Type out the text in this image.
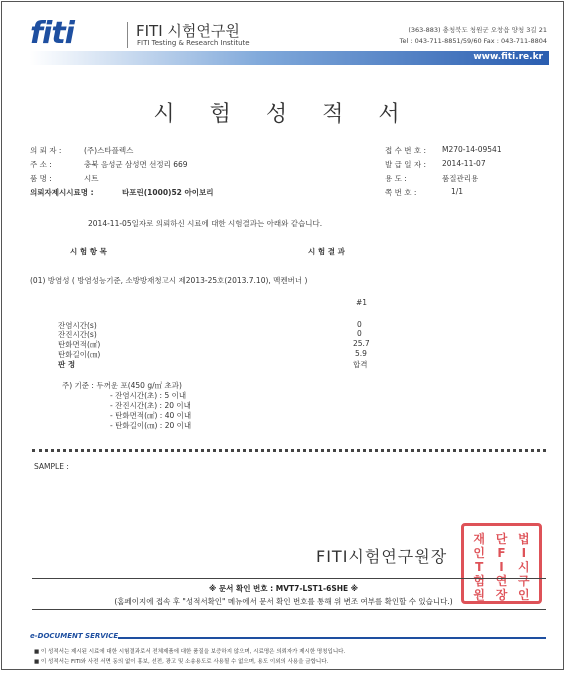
fiti	FITI 시험연구원
FITI Testing & Research Institute
(363-883) 충청북도 청원군 오창읍 양청 3길 21
Tel : 043-711-8851/59/60 Fax : 043-711-8804
www.fiti.re.kr
시 험 성 적 서
의 뢰 자 :	(주)스타플렉스
주 소 :	충북 음성군 삼성면 선정리 669
품 명 :	시트
의뢰자제시시료명 :	타포린(1000)52 아이보리
접 수 번 호 : M270-14-09541
발 급 일 자 : 2014-11-07
용 도 :	품질관리용
쪽 번 호 :	1/1
2014-11-05일자로 의뢰하신 시료에 대한 시험결과는 아래와 같습니다.
시 험 항 목	시 험 결 과
(01) 방염성 ( 방염성능기준, 소방방재청고시 제2013-25호(2013.7.10), 멕켄버너 )
#1
잔염시간(s)	0
잔진시간(s)	0
탄화면적(㎠)	25.7
탄화길이(㎝)	5.9
판 정	합격
주) 기준 : 두꺼운 포(450 g/㎡ 초과)
- 잔염시간(초) : 5 이내
- 잔진시간(초) : 20 이내
- 탄화면적(㎠) : 40 이내
- 탄화길이(㎝) : 20 이내
SAMPLE :
FITI시험연구원장
재 단 법
인	F	I
T	I	시
험 연 구
원 장 인
※ 문서 확인 번호 : MVT7-LST1-6SHE ※
(홈페이지에 접속 후 "성적서확인" 메뉴에서 문서 확인 번호를 통해 위 변조 여부를 확인할 수 있습니다.)
e-DOCUMENT SERVICE
■ 이 성적서는 제시된 시료에 대한 시험결과로서 전체제품에 대한 품질을 보증하지 않으며, 시료명은 의뢰자가 제시한 명칭입니다.
■ 이 성적서는 FITI와 사전 서면 동의 없이 홍보, 선전, 광고 및 소송용도로 사용될 수 없으며, 용도 이외의 사용을 금합니다.
